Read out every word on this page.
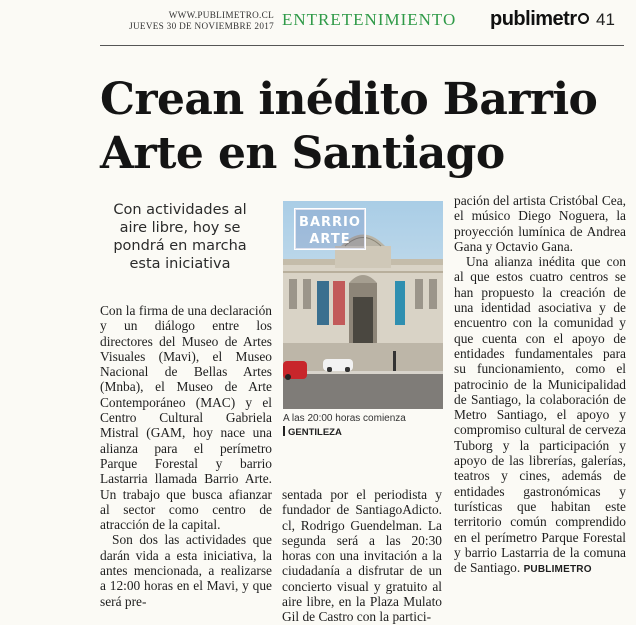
WWW.PUBLIMETRO.CL
JUEVES 30 DE NOVIEMBRE 2017 ENTRETENIMIENTO publimetr	41
Crean inédito Barrio
Arte en Santiago
Con actividades al aire libre, hoy se pondrá en marcha esta iniciativa

Con la firma de una declaración y un diálogo entre los directores del Museo de Artes Visuales (Mavi), el Museo Nacional de Bellas Artes (Mnba), el Museo de Arte Contemporáneo (MAC) y el Centro Cultural Gabriela Mistral (GAM, hoy nace una alianza para el perímetro Parque Forestal y barrio Lastarria llamada Barrio Arte. Un trabajo que busca afianzar al sector como centro de atracción de la capital.

Son dos las actividades que darán vida a esta iniciativa, la antes mencionada, a realizarse a 12:00 horas en el Mavi, y que será pre-

BARRIO
ARTE
A las 20:00 horas comienza
GENTILEZA

sentada por el periodista y fundador de SantiagoAdicto. cl, Rodrigo Guendelman. La segunda será a las 20:30 horas con una invitación a la ciudadanía a disfrutar de un concierto visual y gratuito al aire libre, en la Plaza Mulato Gil de Castro con la partici-

pación del artista Cristóbal Cea, el músico Diego Noguera, la proyección lumínica de Andrea Gana y Octavio Gana.

Una alianza inédita que con al que estos cuatro centros se han propuesto la creación de una identidad asociativa y de encuentro con la comunidad y que cuenta con el apoyo de entidades fundamentales para su funcionamiento, como el patrocinio de la Municipalidad de Santiago, la colaboración de Metro Santiago, el apoyo y compromiso cultural de cerveza Tuborg y la participación y apoyo de las librerías, galerías, teatros y cines, además de entidades gastronómicas y turísticas que habitan este territorio común comprendido en el perímetro Parque Forestal y barrio Lastarria de la comuna de Santiago. PUBLIMETRO
